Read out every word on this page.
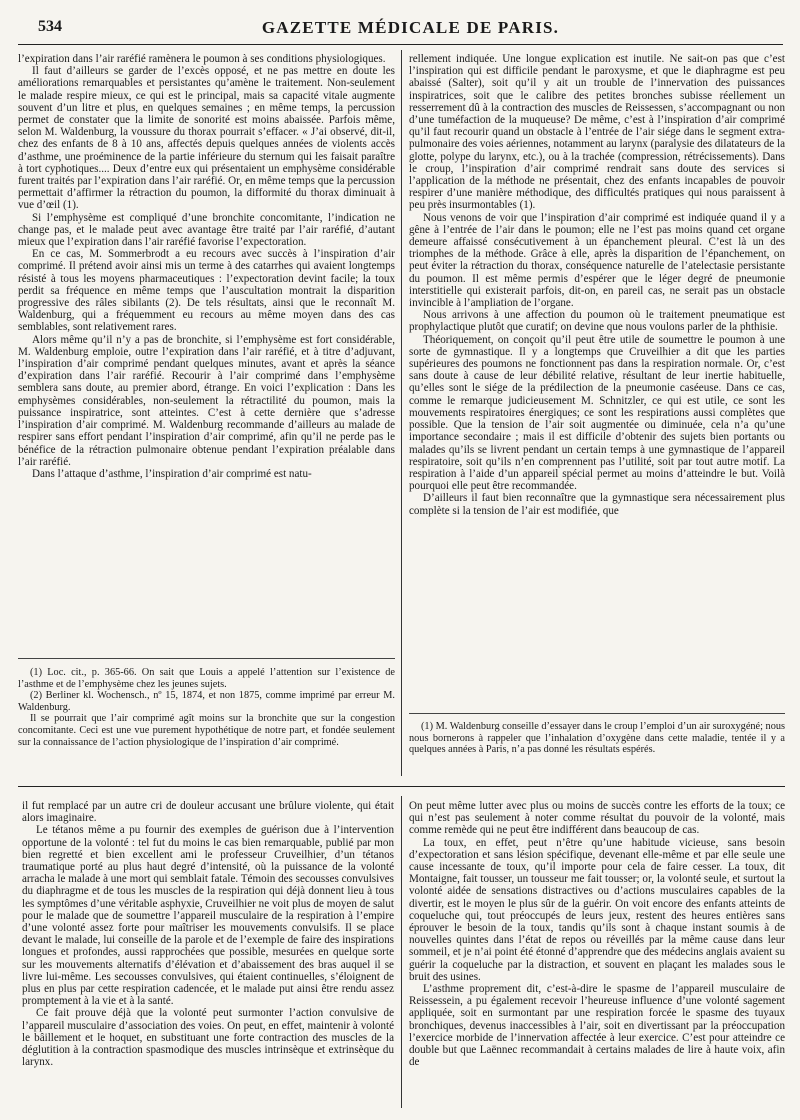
534	GAZETTE MÉDICALE DE PARIS.

l’expiration dans l’air raréfié ramènera le poumon à ses conditions physiologiques.

Il faut d’ailleurs se garder de l’excès opposé, et ne pas mettre en doute les améliorations remarquables et persistantes qu’amène le traitement. Non-seulement le malade respire mieux, ce qui est le principal, mais sa capacité vitale augmente souvent d’un litre et plus, en quelques semaines ; en même temps, la percussion permet de constater que la limite de sonorité est moins abaissée. Parfois même, selon M. Waldenburg, la voussure du thorax pourrait s’effacer. « J’ai observé, dit-il, chez des enfants de 8 à 10 ans, affectés depuis quelques années de violents accès d’asthme, une proéminence de la partie inférieure du sternum qui les faisait paraître à tort cyphotiques.... Deux d’entre eux qui présentaient un emphysème considérable furent traités par l’expiration dans l’air raréfié. Or, en même temps que la percussion permettait d’affirmer la rétraction du poumon, la difformité du thorax diminuait à vue d’œil (1).

Si l’emphysème est compliqué d’une bronchite concomitante, l’indication ne change pas, et le malade peut avec avantage être traité par l’air raréfié, d’autant mieux que l’expiration dans l’air raréfié favorise l’expectoration.

En ce cas, M. Sommerbrodt a eu recours avec succès à l’inspiration d’air comprimé. Il prétend avoir ainsi mis un terme à des catarrhes qui avaient longtemps résisté à tous les moyens pharmaceutiques : l’expectoration devint facile; la toux perdit sa fréquence en même temps que l’auscultation montrait la disparition progressive des râles sibilants (2). De tels résultats, ainsi que le reconnaît M. Waldenburg, qui a fréquemment eu recours au même moyen dans des cas semblables, sont relativement rares.

Alors même qu’il n’y a pas de bronchite, si l’emphysème est fort considérable, M. Waldenburg emploie, outre l’expiration dans l’air raréfié, et à titre d’adjuvant, l’inspiration d’air comprimé pendant quelques minutes, avant et après la séance d’expiration dans l’air raréfié. Recourir à l’air comprimé dans l’emphysème semblera sans doute, au premier abord, étrange. En voici l’explication : Dans les emphysèmes considérables, non-seulement la rétractilité du poumon, mais la puissance inspiratrice, sont atteintes. C’est à cette dernière que s’adresse l’inspiration d’air comprimé. M. Waldenburg recommande d’ailleurs au malade de respirer sans effort pendant l’inspiration d’air comprimé, afin qu’il ne perde pas le bénéfice de la rétraction pulmonaire obtenue pendant l’expiration préalable dans l’air raréfié.

Dans l’attaque d’asthme, l’inspiration d’air comprimé est natu-

rellement indiquée. Une longue explication est inutile. Ne sait-on pas que c’est l’inspiration qui est difficile pendant le paroxysme, et que le diaphragme est peu abaissé (Salter), soit qu’il y ait un trouble de l’innervation des puissances inspiratrices, soit que le calibre des petites bronches subisse réellement un resserrement dû à la contraction des muscles de Reissessen, s’accompagnant ou non d’une tuméfaction de la muqueuse? De même, c’est à l’inspiration d’air comprimé qu’il faut recourir quand un obstacle à l’entrée de l’air siége dans le segment extra-pulmonaire des voies aériennes, notamment au larynx (paralysie des dilatateurs de la glotte, polype du larynx, etc.), ou à la trachée (compression, rétrécissements). Dans le croup, l’inspiration d’air comprimé rendrait sans doute des services si l’application de la méthode ne présentait, chez des enfants incapables de pouvoir respirer d’une manière méthodique, des difficultés pratiques qui nous paraissent à peu près insurmontables (1).

Nous venons de voir que l’inspiration d’air comprimé est indiquée quand il y a gêne à l’entrée de l’air dans le poumon; elle ne l’est pas moins quand cet organe demeure affaissé consécutivement à un épanchement pleural. C’est là un des triomphes de la méthode. Grâce à elle, après la disparition de l’épanchement, on peut éviter la rétraction du thorax, conséquence naturelle de l’atelectasie persistante du poumon. Il est même permis d’espérer que le léger degré de pneumonie interstitielle qui existerait parfois, dit-on, en pareil cas, ne serait pas un obstacle invincible à l’ampliation de l’organe.

Nous arrivons à une affection du poumon où le traitement pneumatique est prophylactique plutôt que curatif; on devine que nous voulons parler de la phthisie.

Théoriquement, on conçoit qu’il peut être utile de soumettre le poumon à une sorte de gymnastique. Il y a longtemps que Cruveilhier a dit que les parties supérieures des poumons ne fonctionnent pas dans la respiration normale. Or, c’est sans doute à cause de leur débilité relative, résultant de leur inertie habituelle, qu’elles sont le siége de la prédilection de la pneumonie caséeuse. Dans ce cas, comme le remarque judicieusement M. Schnitzler, ce qui est utile, ce sont les mouvements respiratoires énergiques; ce sont les respirations aussi complètes que possible. Que la tension de l’air soit augmentée ou diminuée, cela n’a qu’une importance secondaire ; mais il est difficile d’obtenir des sujets bien portants ou malades qu’ils se livrent pendant un certain temps à une gymnastique de l’appareil respiratoire, soit qu’ils n’en comprennent pas l’utilité, soit par tout autre motif. La respiration à l’aide d’un appareil spécial permet au moins d’atteindre le but. Voilà pourquoi elle peut être recommandée.

D’ailleurs il faut bien reconnaître que la gymnastique sera nécessairement plus complète si la tension de l’air est modifiée, que

(1) Loc. cit., p. 365-66. On sait que Louis a appelé l’attention sur l’existence de l’asthme et de l’emphysème chez les jeunes sujets.

(2) Berliner kl. Wochensch., nº 15, 1874, et non 1875, comme imprimé par erreur M. Waldenburg.

Il se pourrait que l’air comprimé agît moins sur la bronchite que sur la congestion concomitante. Ceci est une vue purement hypothétique de notre part, et fondée seulement sur la connaissance de l’action physiologique de l’inspiration d’air comprimé.

(1) M. Waldenburg conseille d’essayer dans le croup l’emploi d’un air suroxygéné; nous nous bornerons à rappeler que l’inhalation d’oxygène dans cette maladie, tentée il y a quelques années à Paris, n’a pas donné les résultats espérés.

il fut remplacé par un autre cri de douleur accusant une brûlure violente, qui était alors imaginaire.

Le tétanos même a pu fournir des exemples de guérison due à l’intervention opportune de la volonté : tel fut du moins le cas bien remarquable, publié par mon bien regretté et bien excellent ami le professeur Cruveilhier, d’un tétanos traumatique porté au plus haut degré d’intensité, où la puissance de la volonté arracha le malade à une mort qui semblait fatale. Témoin des secousses convulsives du diaphragme et de tous les muscles de la respiration qui déjà donnent lieu à tous les symptômes d’une véritable asphyxie, Cruveilhier ne voit plus de moyen de salut pour le malade que de soumettre l’appareil musculaire de la respiration à l’empire d’une volonté assez forte pour maîtriser les mouvements convulsifs. Il se place devant le malade, lui conseille de la parole et de l’exemple de faire des inspirations longues et profondes, aussi rapprochées que possible, mesurées en quelque sorte sur les mouvements alternatifs d’élévation et d’abaissement des bras auquel il se livre lui-même. Les secousses convulsives, qui étaient continuelles, s’éloignent de plus en plus par cette respiration cadencée, et le malade put ainsi être rendu assez promptement à la vie et à la santé.

Ce fait prouve déjà que la volonté peut surmonter l’action convulsive de l’appareil musculaire d’association des voies. On peut, en effet, maintenir à volonté le bâillement et le hoquet, en substituant une forte contraction des muscles de la déglutition à la contraction spasmodique des muscles intrinsèque et extrinsèque du larynx.

On peut même lutter avec plus ou moins de succès contre les efforts de la toux; ce qui n’est pas seulement à noter comme résultat du pouvoir de la volonté, mais comme remède qui ne peut être indifférent dans beaucoup de cas.

La toux, en effet, peut n’être qu’une habitude vicieuse, sans besoin d’expectoration et sans lésion spécifique, devenant elle-même et par elle seule une cause incessante de toux, qu’il importe pour cela de faire cesser. La toux, dit Montaigne, fait tousser, un tousseur me fait tousser; or, la volonté seule, et surtout la volonté aidée de sensations distractives ou d’actions musculaires capables de la divertir, est le moyen le plus sûr de la guérir. On voit encore des enfants atteints de coqueluche qui, tout préoccupés de leurs jeux, restent des heures entières sans éprouver le besoin de la toux, tandis qu’ils sont à chaque instant soumis à de nouvelles quintes dans l’état de repos ou réveillés par la même cause dans leur sommeil, et je n’ai point été étonné d’apprendre que des médecins anglais avaient su guérir la coqueluche par la distraction, et souvent en plaçant les malades sous le bruit des usines.

L’asthme proprement dit, c’est-à-dire le spasme de l’appareil musculaire de Reissessein, a pu également recevoir l’heureuse influence d’une volonté sagement appliquée, soit en surmontant par une respiration forcée le spasme des tuyaux bronchiques, devenus inaccessibles à l’air, soit en divertissant par la préoccupation l’exercice morbide de l’innervation affectée à leur exercice. C’est pour atteindre ce double but que Laënnec recommandait à certains malades de lire à haute voix, afin de
